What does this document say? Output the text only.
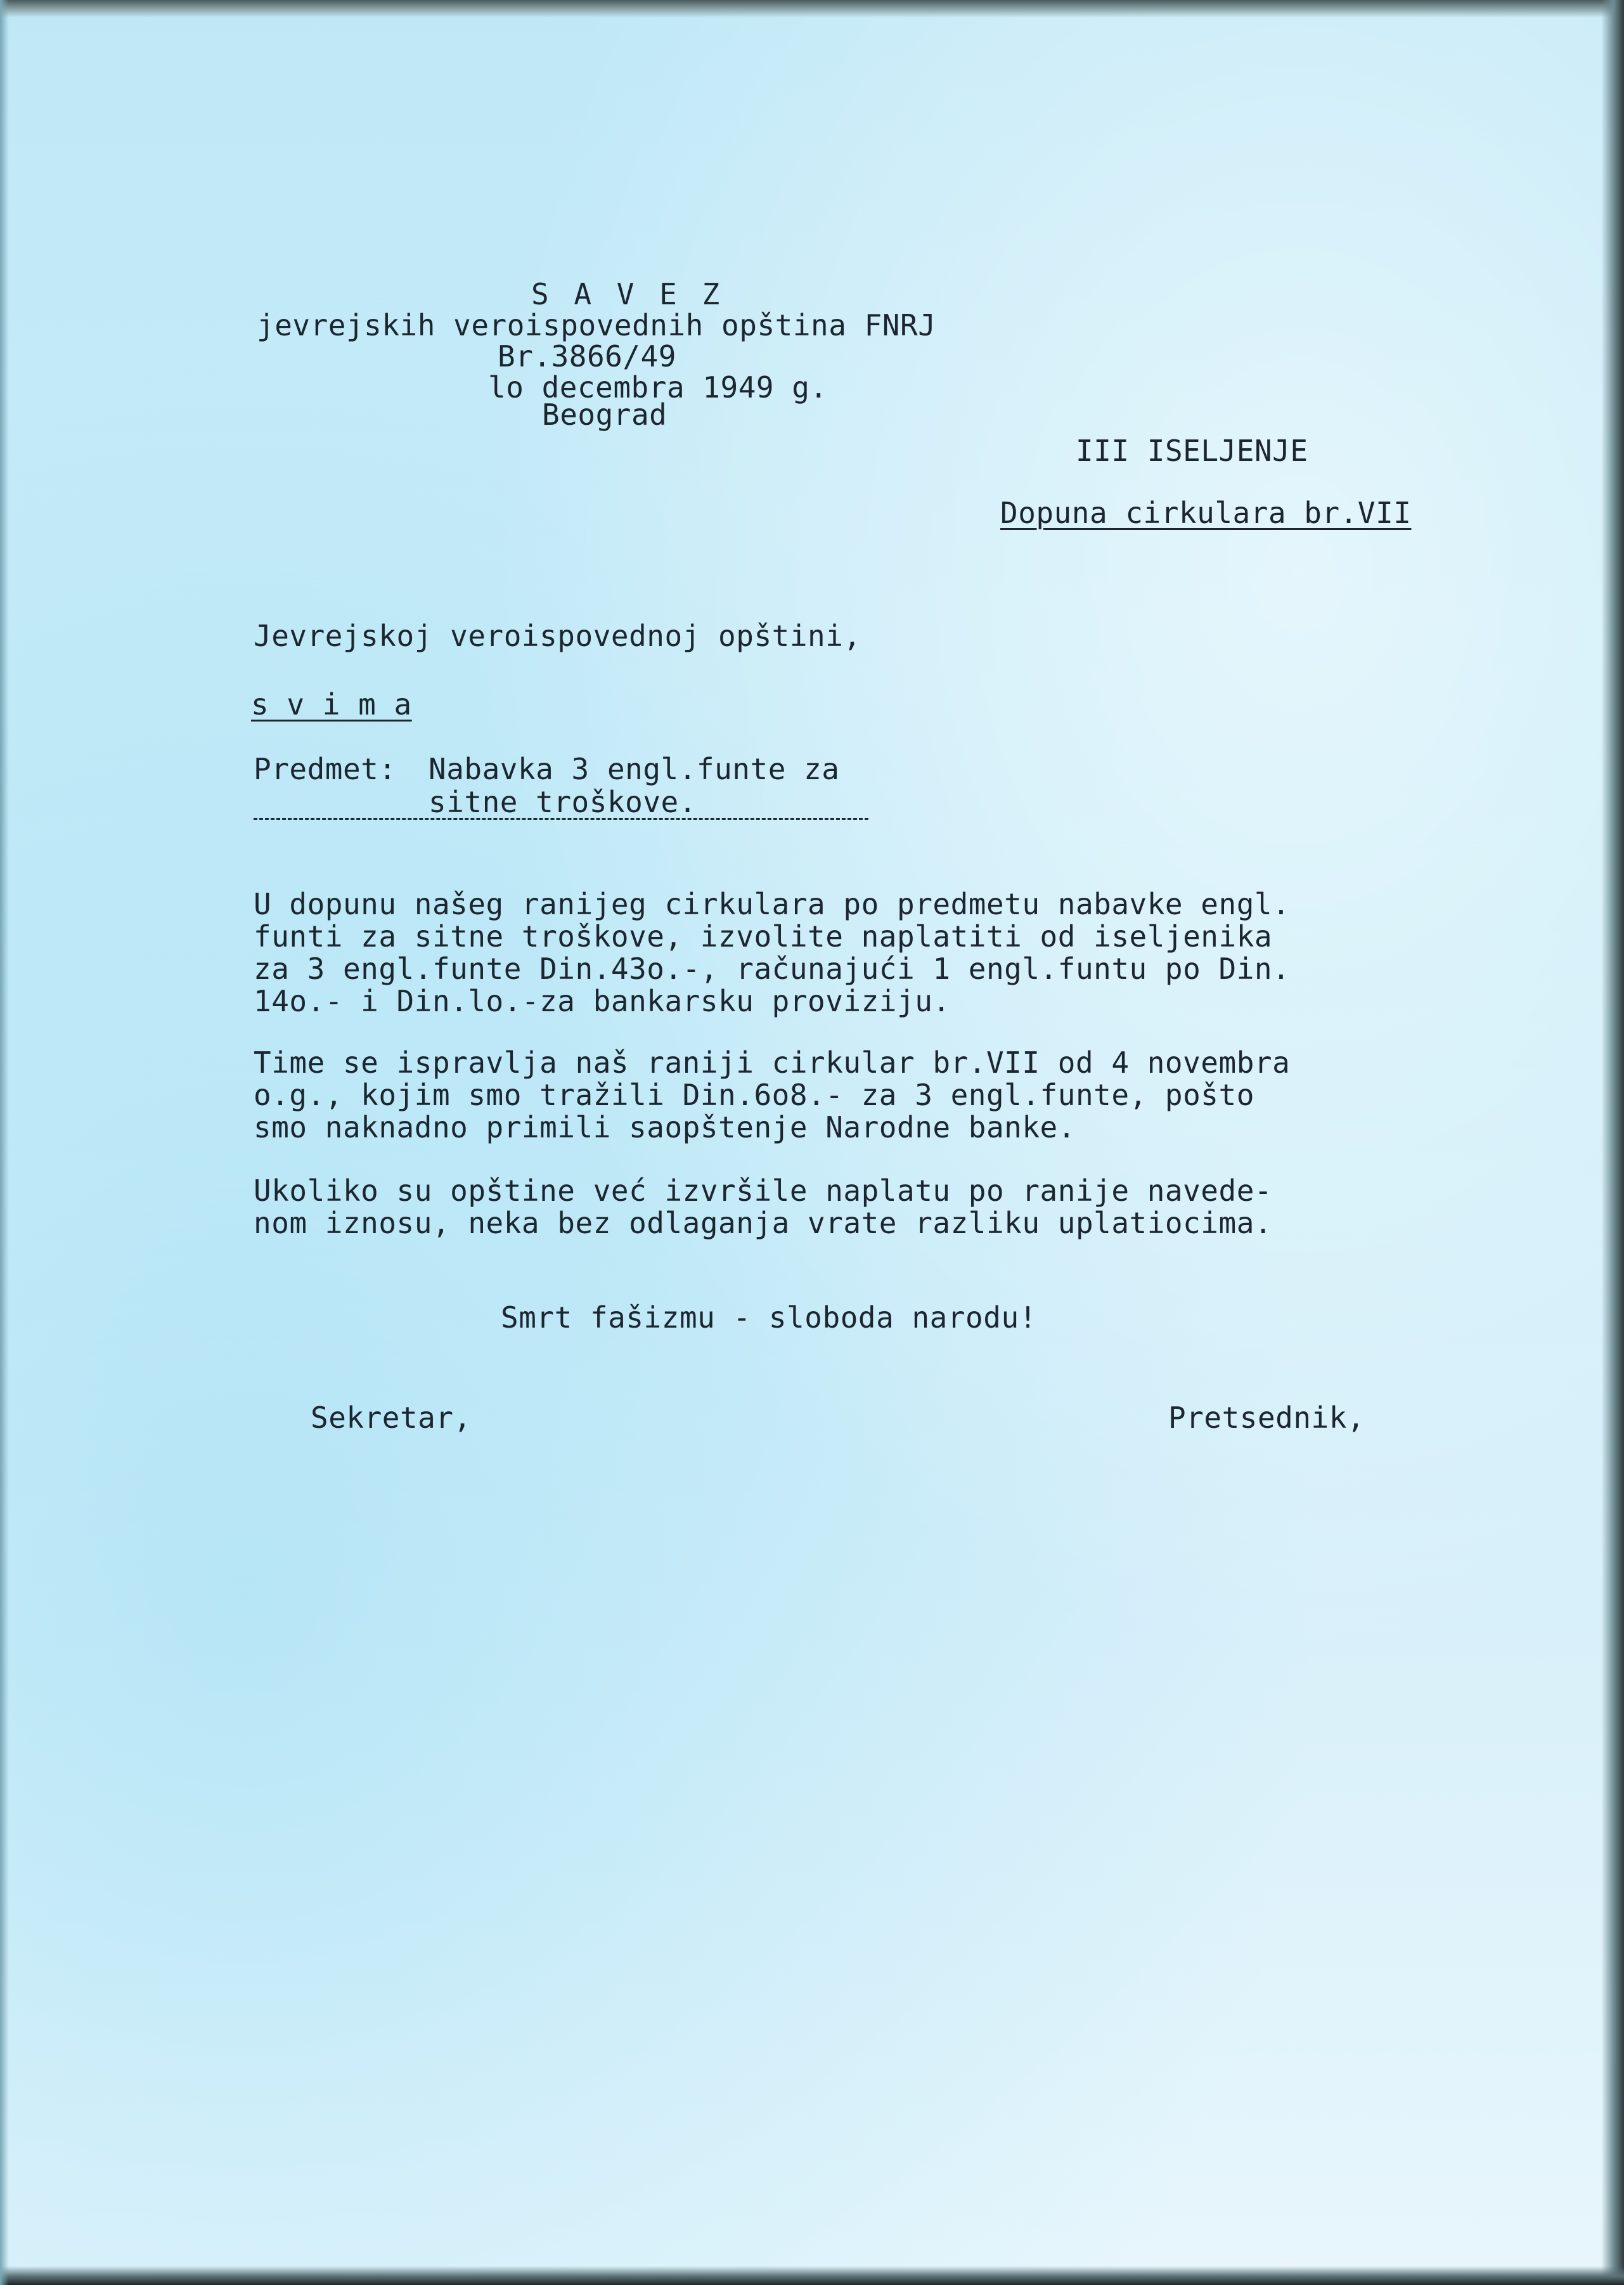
S A V E Z
jevrejskih veroispovednih opština FNRJ
Br.3866/49
lo decembra 1949 g.
Beograd
III ISELJENJE
Dopuna cirkulara br.VII
Jevrejskoj veroispovednoj opštini,
s v i m a
Predmet: Nabavka 3 engl.funte za
sitne troškove.
U dopunu našeg ranijeg cirkulara po predmetu nabavke engl.
funti za sitne troškove, izvolite naplatiti od iseljenika
za 3 engl.funte Din.43o.-, računajući 1 engl.funtu po Din.
14o.- i Din.lo.-za bankarsku proviziju.
Time se ispravlja naš raniji cirkular br.VII od 4 novembra
o.g., kojim smo tražili Din.6o8.- za 3 engl.funte, pošto
smo naknadno primili saopštenje Narodne banke.
Ukoliko su opštine već izvršile naplatu po ranije navede-
nom iznosu, neka bez odlaganja vrate razliku uplatiocima.
Smrt fašizmu - sloboda narodu!
Sekretar,	Pretsednik,
